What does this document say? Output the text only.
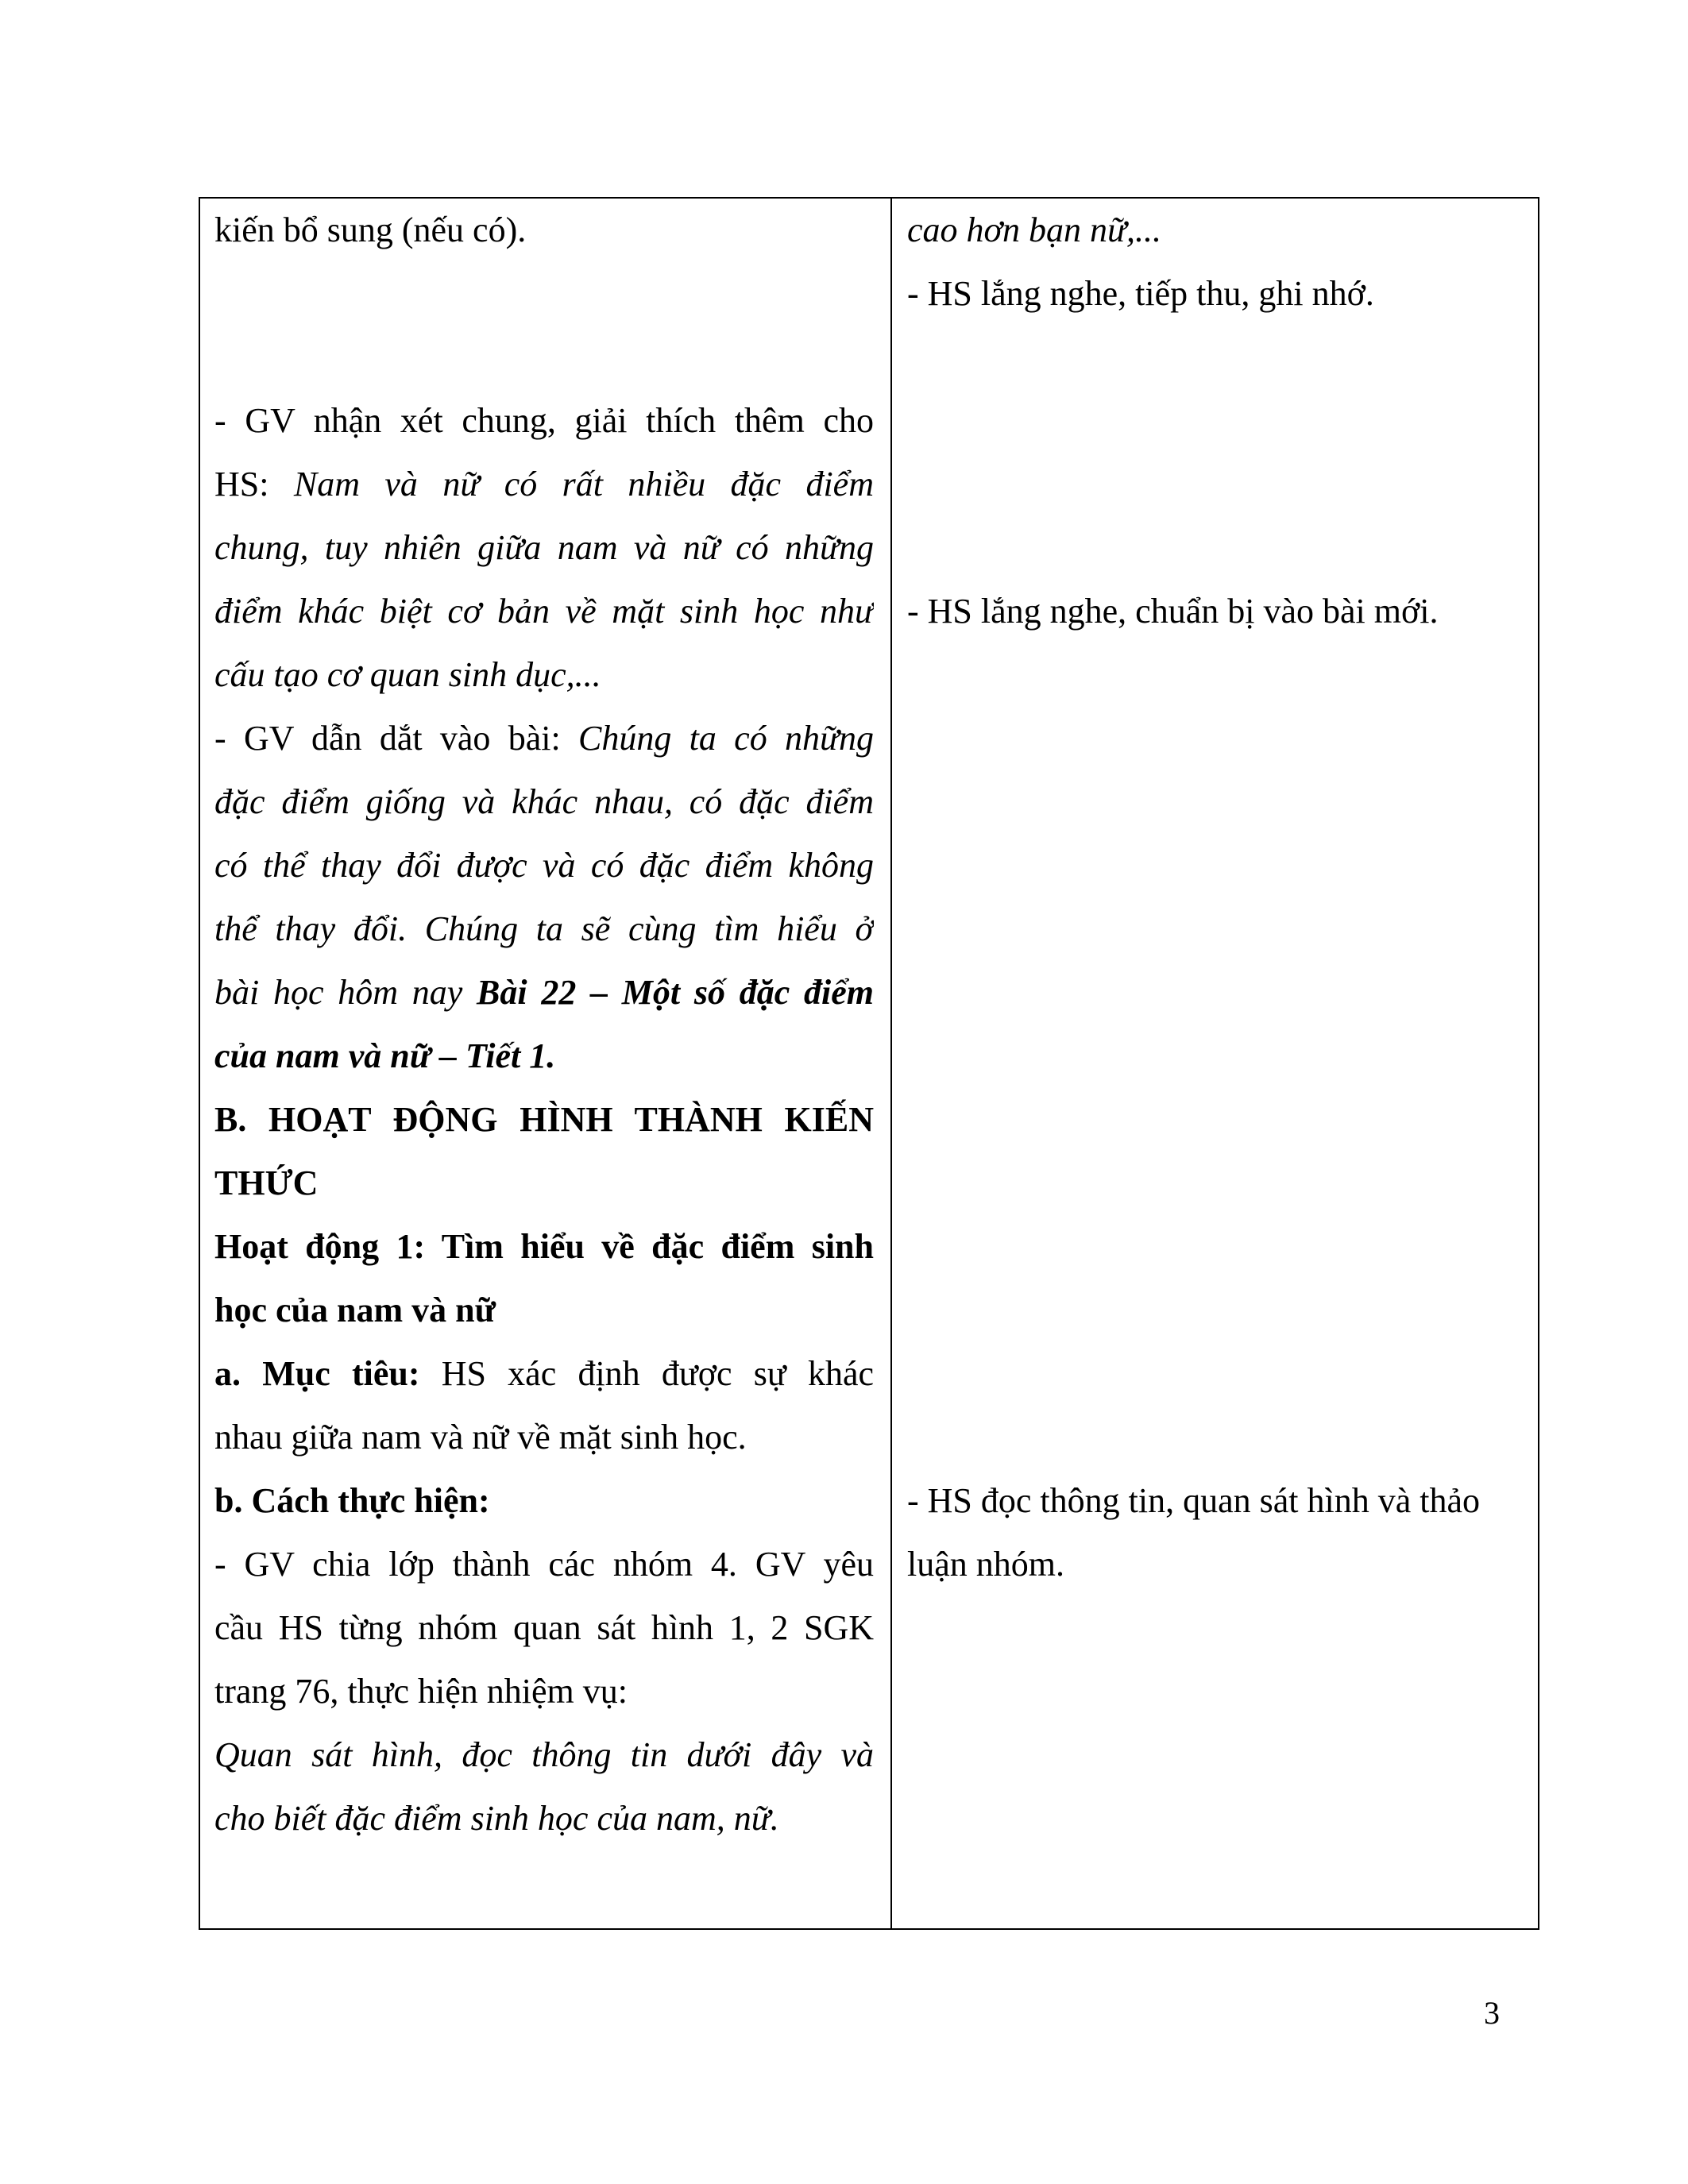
kiến bổ sung (nếu có).
- GV nhận xét chung, giải thích thêm cho
HS: Nam và nữ có rất nhiều đặc điểm
chung, tuy nhiên giữa nam và nữ có những
điểm khác biệt cơ bản về mặt sinh học như
cấu tạo cơ quan sinh dục,...
- GV dẫn dắt vào bài: Chúng ta có những
đặc điểm giống và khác nhau, có đặc điểm
có thể thay đổi được và có đặc điểm không
thể thay đổi. Chúng ta sẽ cùng tìm hiểu ở
bài học hôm nay Bài 22 – Một số đặc điểm
của nam và nữ – Tiết 1.
B. HOẠT ĐỘNG HÌNH THÀNH KIẾN
THỨC
Hoạt động 1: Tìm hiểu về đặc điểm sinh
học của nam và nữ
a. Mục tiêu: HS xác định được sự khác
nhau giữa nam và nữ về mặt sinh học.
b. Cách thực hiện:
- GV chia lớp thành các nhóm 4. GV yêu
cầu HS từng nhóm quan sát hình 1, 2 SGK
trang 76, thực hiện nhiệm vụ:
Quan sát hình, đọc thông tin dưới đây và
cho biết đặc điểm sinh học của nam, nữ.
cao hơn bạn nữ,...
- HS lắng nghe, tiếp thu, ghi nhớ.
- HS lắng nghe, chuẩn bị vào bài mới.
- HS đọc thông tin, quan sát hình và thảo
luận nhóm.
3
